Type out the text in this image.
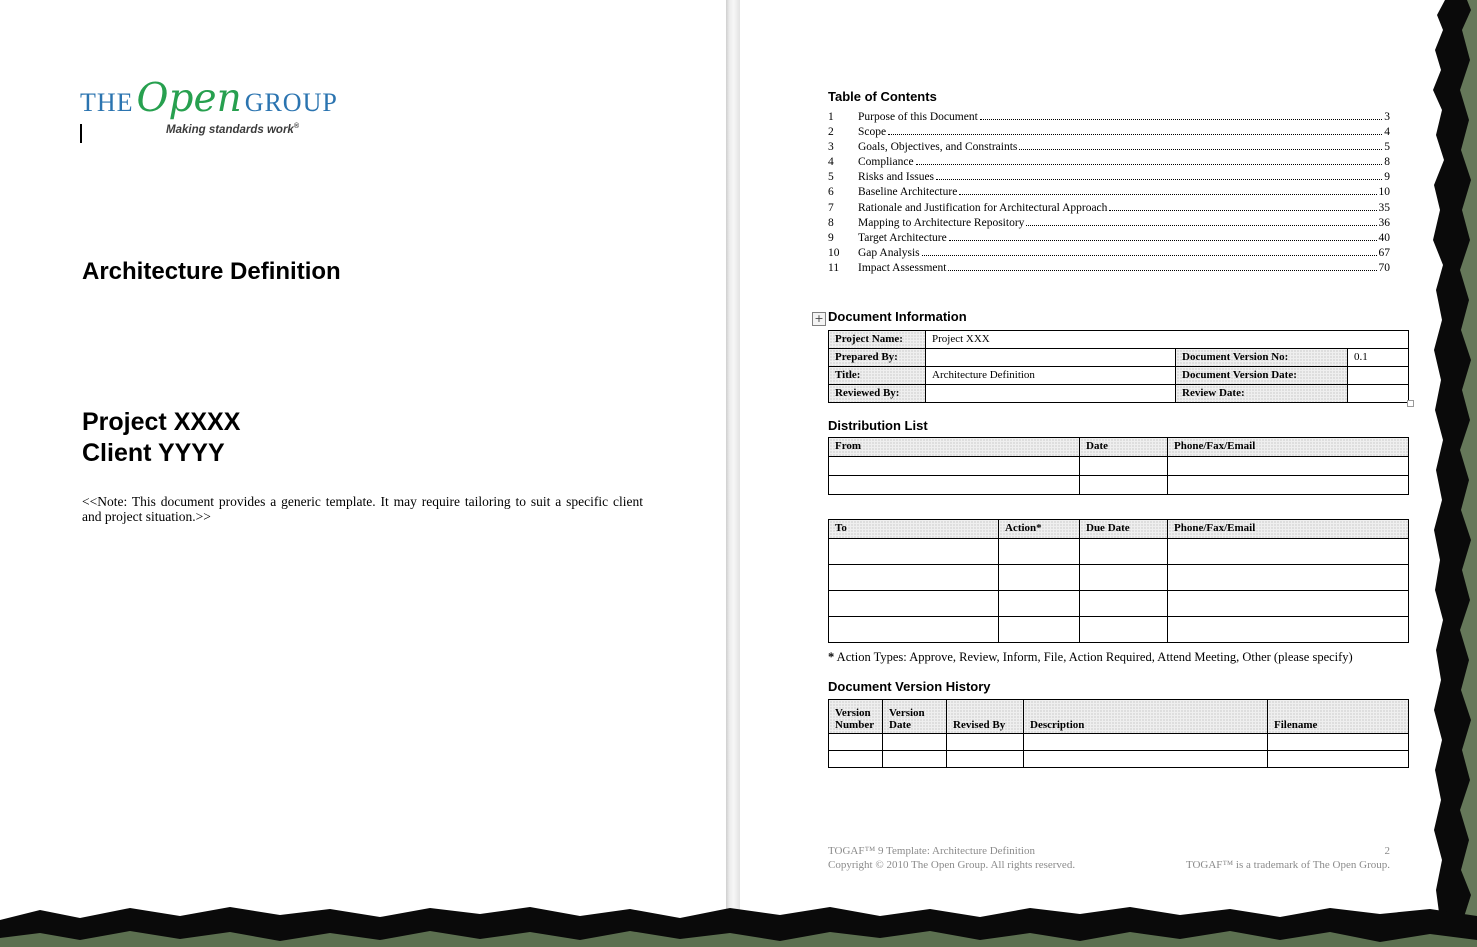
THE Open GROUP
Making standards work®
Architecture Definition
Project XXXX
Client YYYY
<<Note: This document provides a generic template. It may require tailoring to suit a specific client and project situation.>>
Table of Contents
1	Purpose of this Document	3
2	Scope	4
3	Goals, Objectives, and Constraints	5
4	Compliance	8
5	Risks and Issues	9
6	Baseline Architecture	10
7	Rationale and Justification for Architectural Approach	35
8	Mapping to Architecture Repository	36
9	Target Architecture	40
10	Gap Analysis	67
11	Impact Assessment	70
+ Document Information
Project Name:	Project XXX		
Prepared By:		Document Version No:	0.1
Title:	Architecture Definition	Document Version Date:	
Reviewed By:		Review Date:	
Distribution List
From	Date	Phone/Fax/Email

To	Action*	Due Date	Phone/Fax/Email

* Action Types: Approve, Review, Inform, File, Action Required, Attend Meeting, Other (please specify)
Document Version History
Version Number	Version Date	Revised By	Description	Filename

TOGAF™ 9 Template: Architecture Definition	2
Copyright © 2010 The Open Group. All rights reserved.	TOGAF™ is a trademark of The Open Group.
